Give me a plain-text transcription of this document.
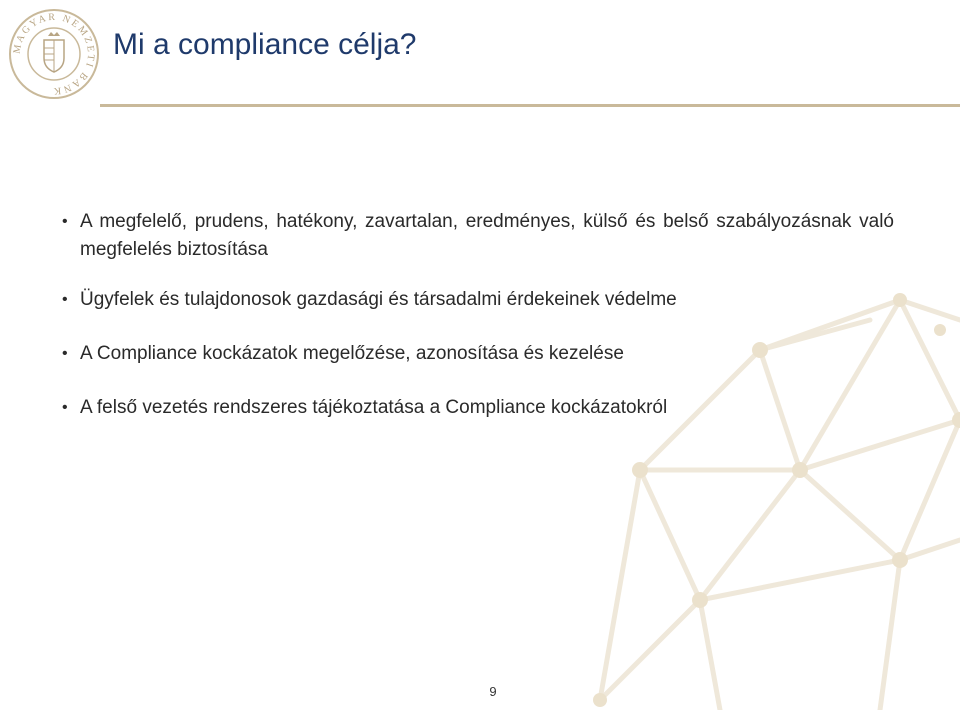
MAGYAR NEMZETI BANK
Mi a compliance célja?
• A megfelelő, prudens, hatékony, zavartalan, eredményes, külső és belső szabályozásnak való megfelelés biztosítása
• Ügyfelek és tulajdonosok gazdasági és társadalmi érdekeinek védelme
• A Compliance kockázatok megelőzése, azonosítása és kezelése
• A felső vezetés rendszeres tájékoztatása a Compliance kockázatokról
9
